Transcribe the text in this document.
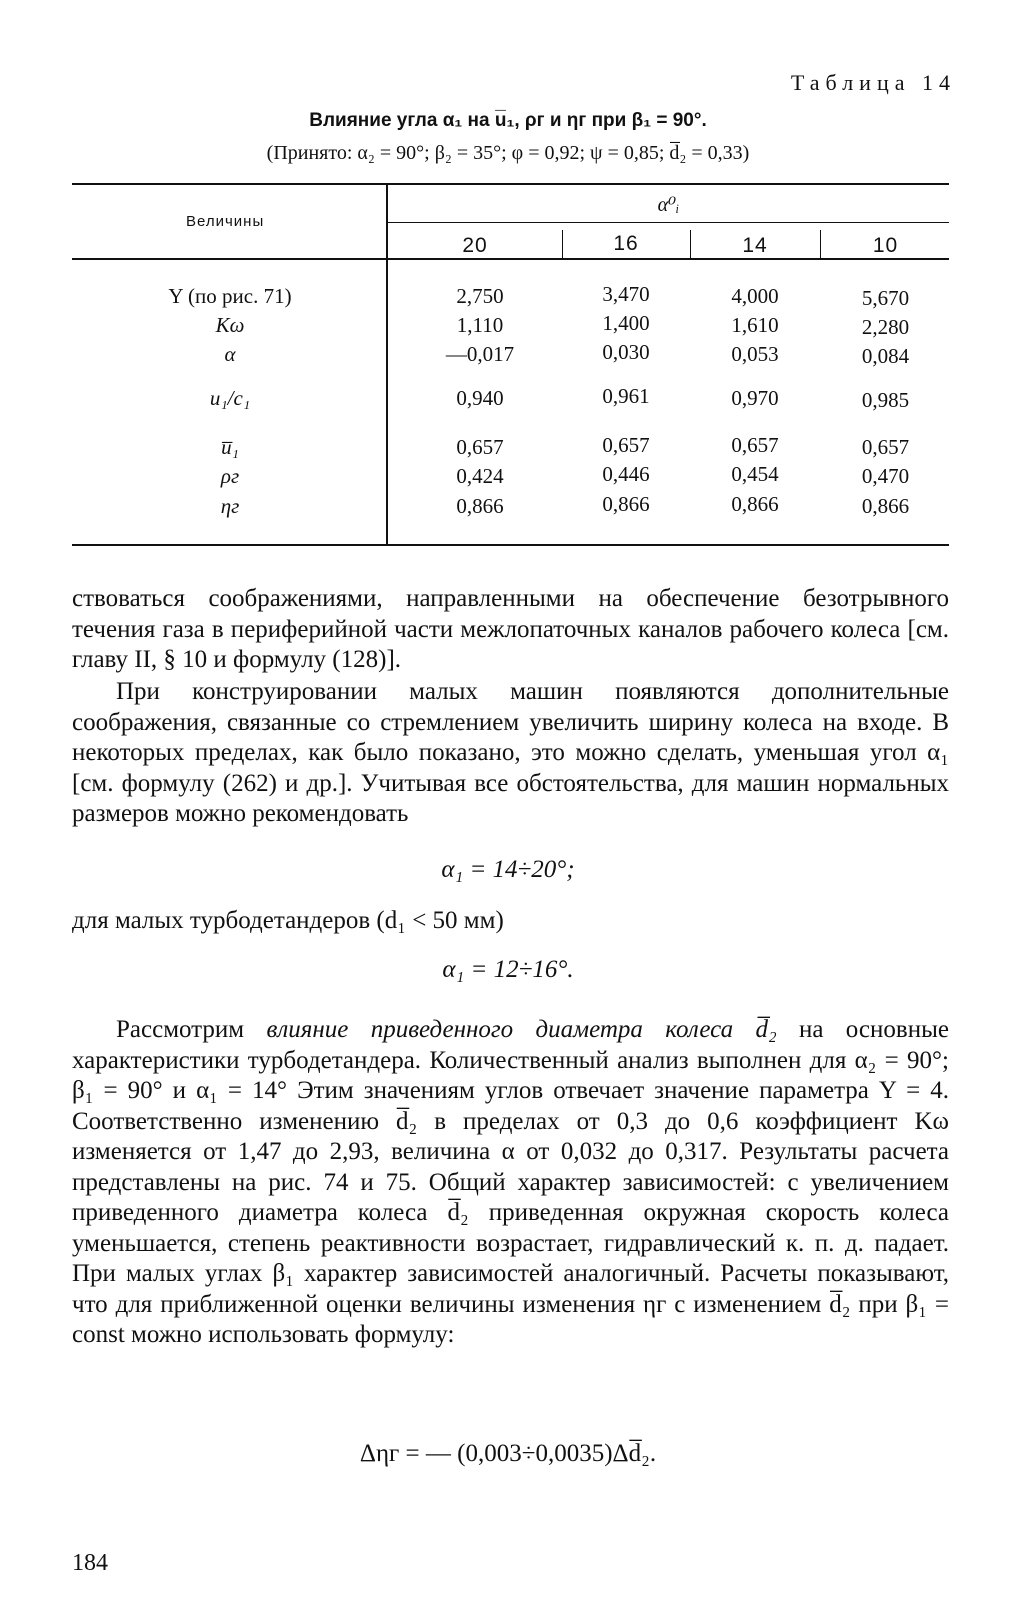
Таблица 14
Влияние угла α₁ на u̅₁, ρг и ηг при β₁ = 90°.
(Принято: α₂ = 90°; β₂ = 35°; φ = 0,92; ψ = 0,85; d̅₂ = 0,33)
Величины
α⁰ᵢ
20	16	14	10
Y (по рис. 71)	2,750	3,470	4,000	5,670
Kω	1,110	1,400	1,610	2,280
α	—0,017	0,030	0,053	0,084
u₁/c₁	0,940	0,961	0,970	0,985
u̅₁	0,657	0,657	0,657	0,657
ρг	0,424	0,446	0,454	0,470
ηг	0,866	0,866	0,866	0,866

ствоваться соображениями, направленными на обеспечение безотрывного течения газа в периферийной части межлопаточных каналов рабочего колеса [см. главу II, § 10 и формулу (128)].

При конструировании малых машин появляются дополнительные соображения, связанные со стремлением увеличить ширину колеса на входе. В некоторых пределах, как было показано, это можно сделать, уменьшая угол α₁ [см. формулу (262) и др.]. Учитывая все обстоятельства, для машин нормальных размеров можно рекомендовать

α₁ = 14÷20°;

для малых турбодетандеров (d₁ < 50 мм)

α₁ = 12÷16°.

Рассмотрим влияние приведенного диаметра колеса d̅₂ на основные характеристики турбодетандера. Количественный анализ выполнен для α₂ = 90°; β₁ = 90° и α₁ = 14° Этим значениям углов отвечает значение параметра Y = 4. Соответственно изменению d̅₂ в пределах от 0,3 до 0,6 коэффициент Kω изменяется от 1,47 до 2,93, величина α от 0,032 до 0,317. Результаты расчета представлены на рис. 74 и 75. Общий характер зависимостей: с увеличением приведенного диаметра колеса d̅₂ приведенная окружная скорость колеса уменьшается, степень реактивности возрастает, гидравлический к. п. д. падает. При малых углах β₁ характер зависимостей аналогичный. Расчеты показывают, что для приближенной оценки величины изменения ηг с изменением d̅₂ при β₁ = const можно использовать формулу:

Δηг = — (0,003÷0,0035)Δd̅₂.
184
